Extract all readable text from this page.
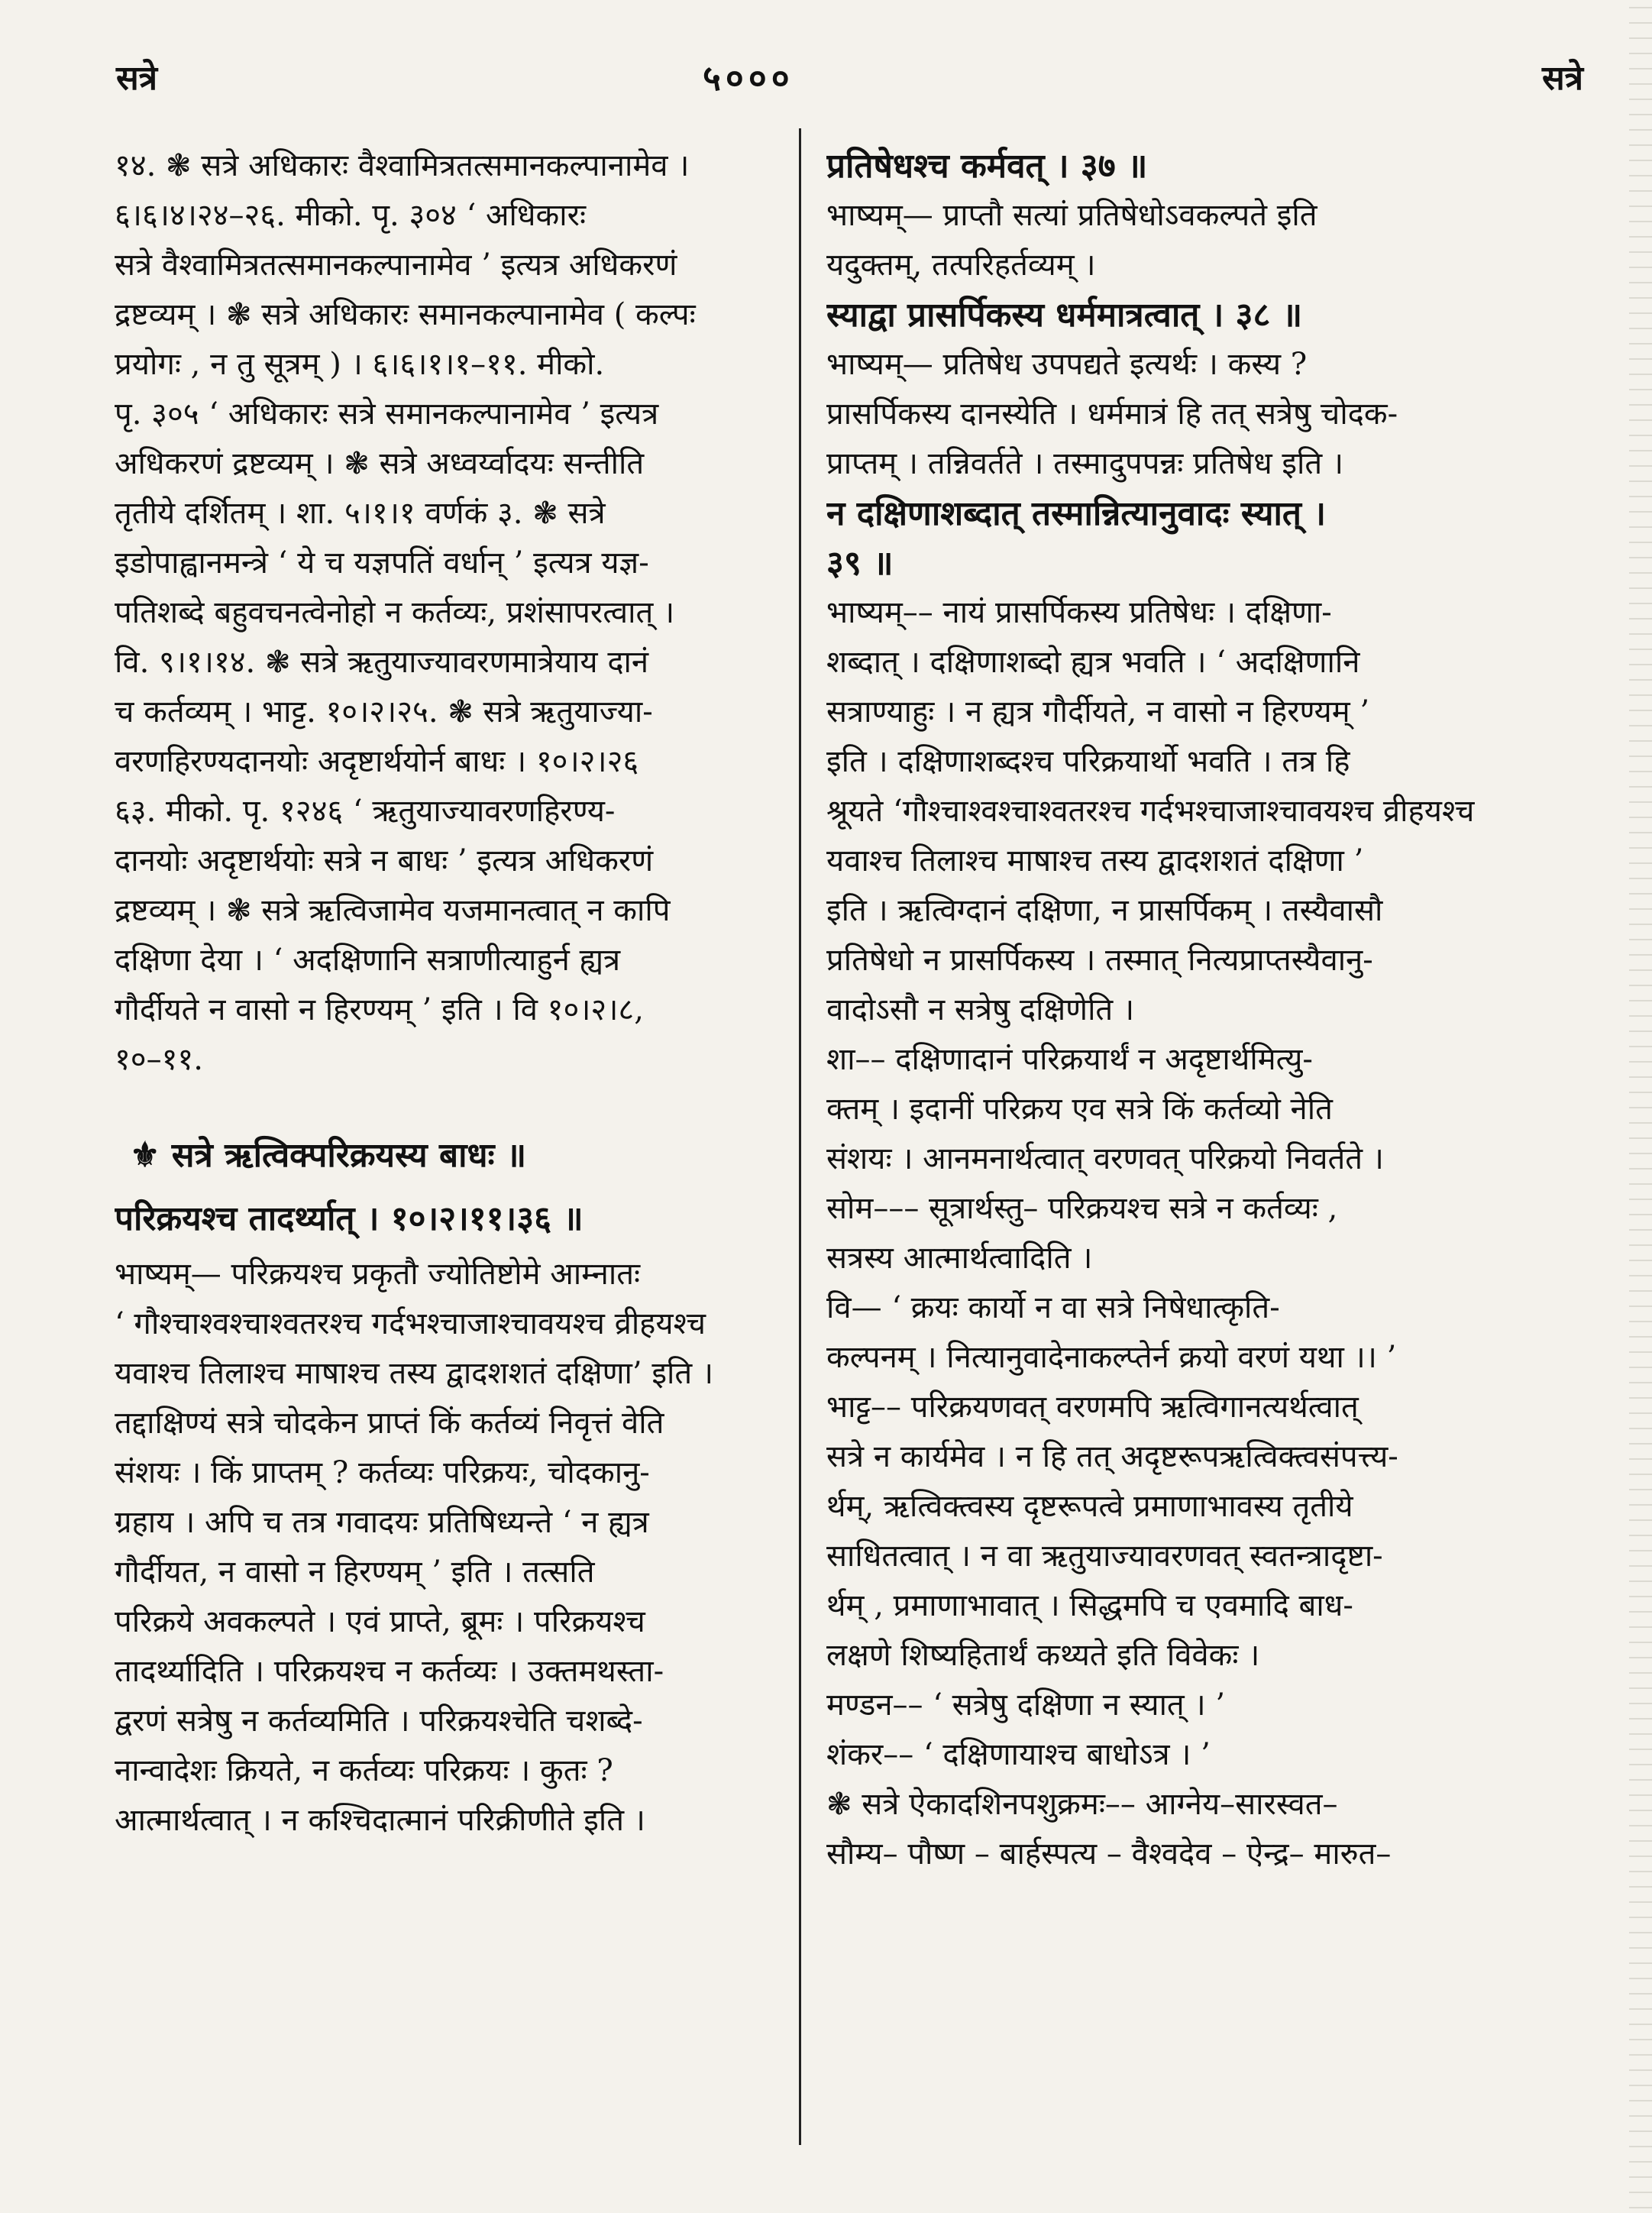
सत्रे	५०००	सत्रे
१४. ❃ सत्रे अधिकारः वैश्वामित्रतत्समानकल्पानामेव ।
६।६।४।२४–२६. मीको. पृ. ३०४ ‘ अधिकारः
सत्रे वैश्वामित्रतत्समानकल्पानामेव ’ इत्यत्र अधिकरणं
द्रष्टव्यम् । ❃ सत्रे अधिकारः समानकल्पानामेव ( कल्पः
प्रयोगः , न तु सूत्रम् ) । ६।६।१।१–११. मीको.
पृ. ३०५ ‘ अधिकारः सत्रे समानकल्पानामेव ’ इत्यत्र
अधिकरणं द्रष्टव्यम् । ❃ सत्रे अध्वर्य्वादयः सन्तीति
तृतीये दर्शितम् । शा. ५।१।१ वर्णकं ३. ❃ सत्रे
इडोपाह्वानमन्त्रे ‘ ये च यज्ञपतिं वर्धान् ’ इत्यत्र यज्ञ-
पतिशब्दे बहुवचनत्वेनोहो न कर्तव्यः, प्रशंसापरत्वात् ।
वि. ९।१।१४. ❃ सत्रे ऋतुयाज्यावरणमात्रेयाय दानं
च कर्तव्यम् । भाट्ट. १०।२।२५. ❃ सत्रे ऋतुयाज्या-
वरणहिरण्यदानयोः अदृष्टार्थयोर्न बाधः । १०।२।२६
६३. मीको. पृ. १२४६ ‘ ऋतुयाज्यावरणहिरण्य-
दानयोः अदृष्टार्थयोः सत्रे न बाधः ’ इत्यत्र अधिकरणं
द्रष्टव्यम् । ❃ सत्रे ऋत्विजामेव यजमानत्वात् न कापि
दक्षिणा देया । ‘ अदक्षिणानि सत्राणीत्याहुर्न ह्यत्र
गौर्दीयते न वासो न हिरण्यम् ’ इति । वि १०।२।८,
१०–११.
⚜ सत्रे ऋत्विक्परिक्रयस्य बाधः ॥
परिक्रयश्च तादर्थ्यात् । १०।२।११।३६ ॥
भाष्यम्— परिक्रयश्च प्रकृतौ ज्योतिष्टोमे आम्नातः
‘ गौश्चाश्वश्चाश्वतरश्च गर्दभश्चाजाश्चावयश्च व्रीहयश्च
यवाश्च तिलाश्च माषाश्च तस्य द्वादशशतं दक्षिणा’ इति ।
तद्दाक्षिण्यं सत्रे चोदकेन प्राप्तं किं कर्तव्यं निवृत्तं वेति
संशयः । किं प्राप्तम् ? कर्तव्यः परिक्रयः, चोदकानु-
ग्रहाय । अपि च तत्र गवादयः प्रतिषिध्यन्ते ‘ न ह्यत्र
गौर्दीयत, न वासो न हिरण्यम् ’ इति । तत्सति
परिक्रये अवकल्पते । एवं प्राप्ते, ब्रूमः । परिक्रयश्च
तादर्थ्यादिति । परिक्रयश्च न कर्तव्यः । उक्तमथस्ता-
द्वरणं सत्रेषु न कर्तव्यमिति । परिक्रयश्चेति चशब्दे-
नान्वादेशः क्रियते, न कर्तव्यः परिक्रयः । कुतः ?
आत्मार्थत्वात् । न कश्चिदात्मानं परिक्रीणीते इति ।
प्रतिषेधश्च कर्मवत् । ३७ ॥
भाष्यम्— प्राप्तौ सत्यां प्रतिषेधोऽवकल्पते इति
यदुक्तम्, तत्परिहर्तव्यम् ।
स्याद्वा प्रासर्पिकस्य धर्ममात्रत्वात् । ३८ ॥
भाष्यम्— प्रतिषेध उपपद्यते इत्यर्थः । कस्य ?
प्रासर्पिकस्य दानस्येति । धर्ममात्रं हि तत् सत्रेषु चोदक-
प्राप्तम् । तन्निवर्तते । तस्मादुपपन्नः प्रतिषेध इति ।
न दक्षिणाशब्दात् तस्मान्नित्यानुवादः स्यात् ।
३९ ॥
भाष्यम्–– नायं प्रासर्पिकस्य प्रतिषेधः । दक्षिणा-
शब्दात् । दक्षिणाशब्दो ह्यत्र भवति । ‘ अदक्षिणानि
सत्राण्याहुः । न ह्यत्र गौर्दीयते, न वासो न हिरण्यम् ’
इति । दक्षिणाशब्दश्च परिक्रयार्थो भवति । तत्र हि
श्रूयते ‘गौश्चाश्वश्चाश्वतरश्च गर्दभश्चाजाश्चावयश्च व्रीहयश्च
यवाश्च तिलाश्च माषाश्च तस्य द्वादशशतं दक्षिणा ’
इति । ऋत्विग्दानं दक्षिणा, न प्रासर्पिकम् । तस्यैवासौ
प्रतिषेधो न प्रासर्पिकस्य । तस्मात् नित्यप्राप्तस्यैवानु-
वादोऽसौ न सत्रेषु दक्षिणेति ।
शा–– दक्षिणादानं परिक्रयार्थं न अदृष्टार्थमित्यु-
क्तम् । इदानीं परिक्रय एव सत्रे किं कर्तव्यो नेति
संशयः । आनमनार्थत्वात् वरणवत् परिक्रयो निवर्तते ।
सोम––– सूत्रार्थस्तु– परिक्रयश्च सत्रे न कर्तव्यः ,
सत्रस्य आत्मार्थत्वादिति ।
वि— ‘ क्रयः कार्यो न वा सत्रे निषेधात्कृति-
कल्पनम् । नित्यानुवादेनाकल्प्तेर्न क्रयो वरणं यथा ।। ’
भाट्ट–– परिक्रयणवत् वरणमपि ऋत्विगानत्यर्थत्वात्
सत्रे न कार्यमेव । न हि तत् अदृष्टरूपऋत्विक्त्वसंपत्त्य-
र्थम्, ऋत्विक्त्वस्य दृष्टरूपत्वे प्रमाणाभावस्य तृतीये
साधितत्वात् । न वा ऋतुयाज्यावरणवत् स्वतन्त्रादृष्टा-
र्थम् , प्रमाणाभावात् । सिद्धमपि च एवमादि बाध-
लक्षणे शिष्यहितार्थं कथ्यते इति विवेकः ।
मण्डन–– ‘ सत्रेषु दक्षिणा न स्यात् । ’
शंकर–– ‘ दक्षिणायाश्च बाधोऽत्र । ’
❃ सत्रे ऐकादशिनपशुक्रमः–– आग्नेय–सारस्वत–
सौम्य– पौष्ण – बार्हस्पत्य – वैश्वदेव – ऐन्द्र– मारुत–
